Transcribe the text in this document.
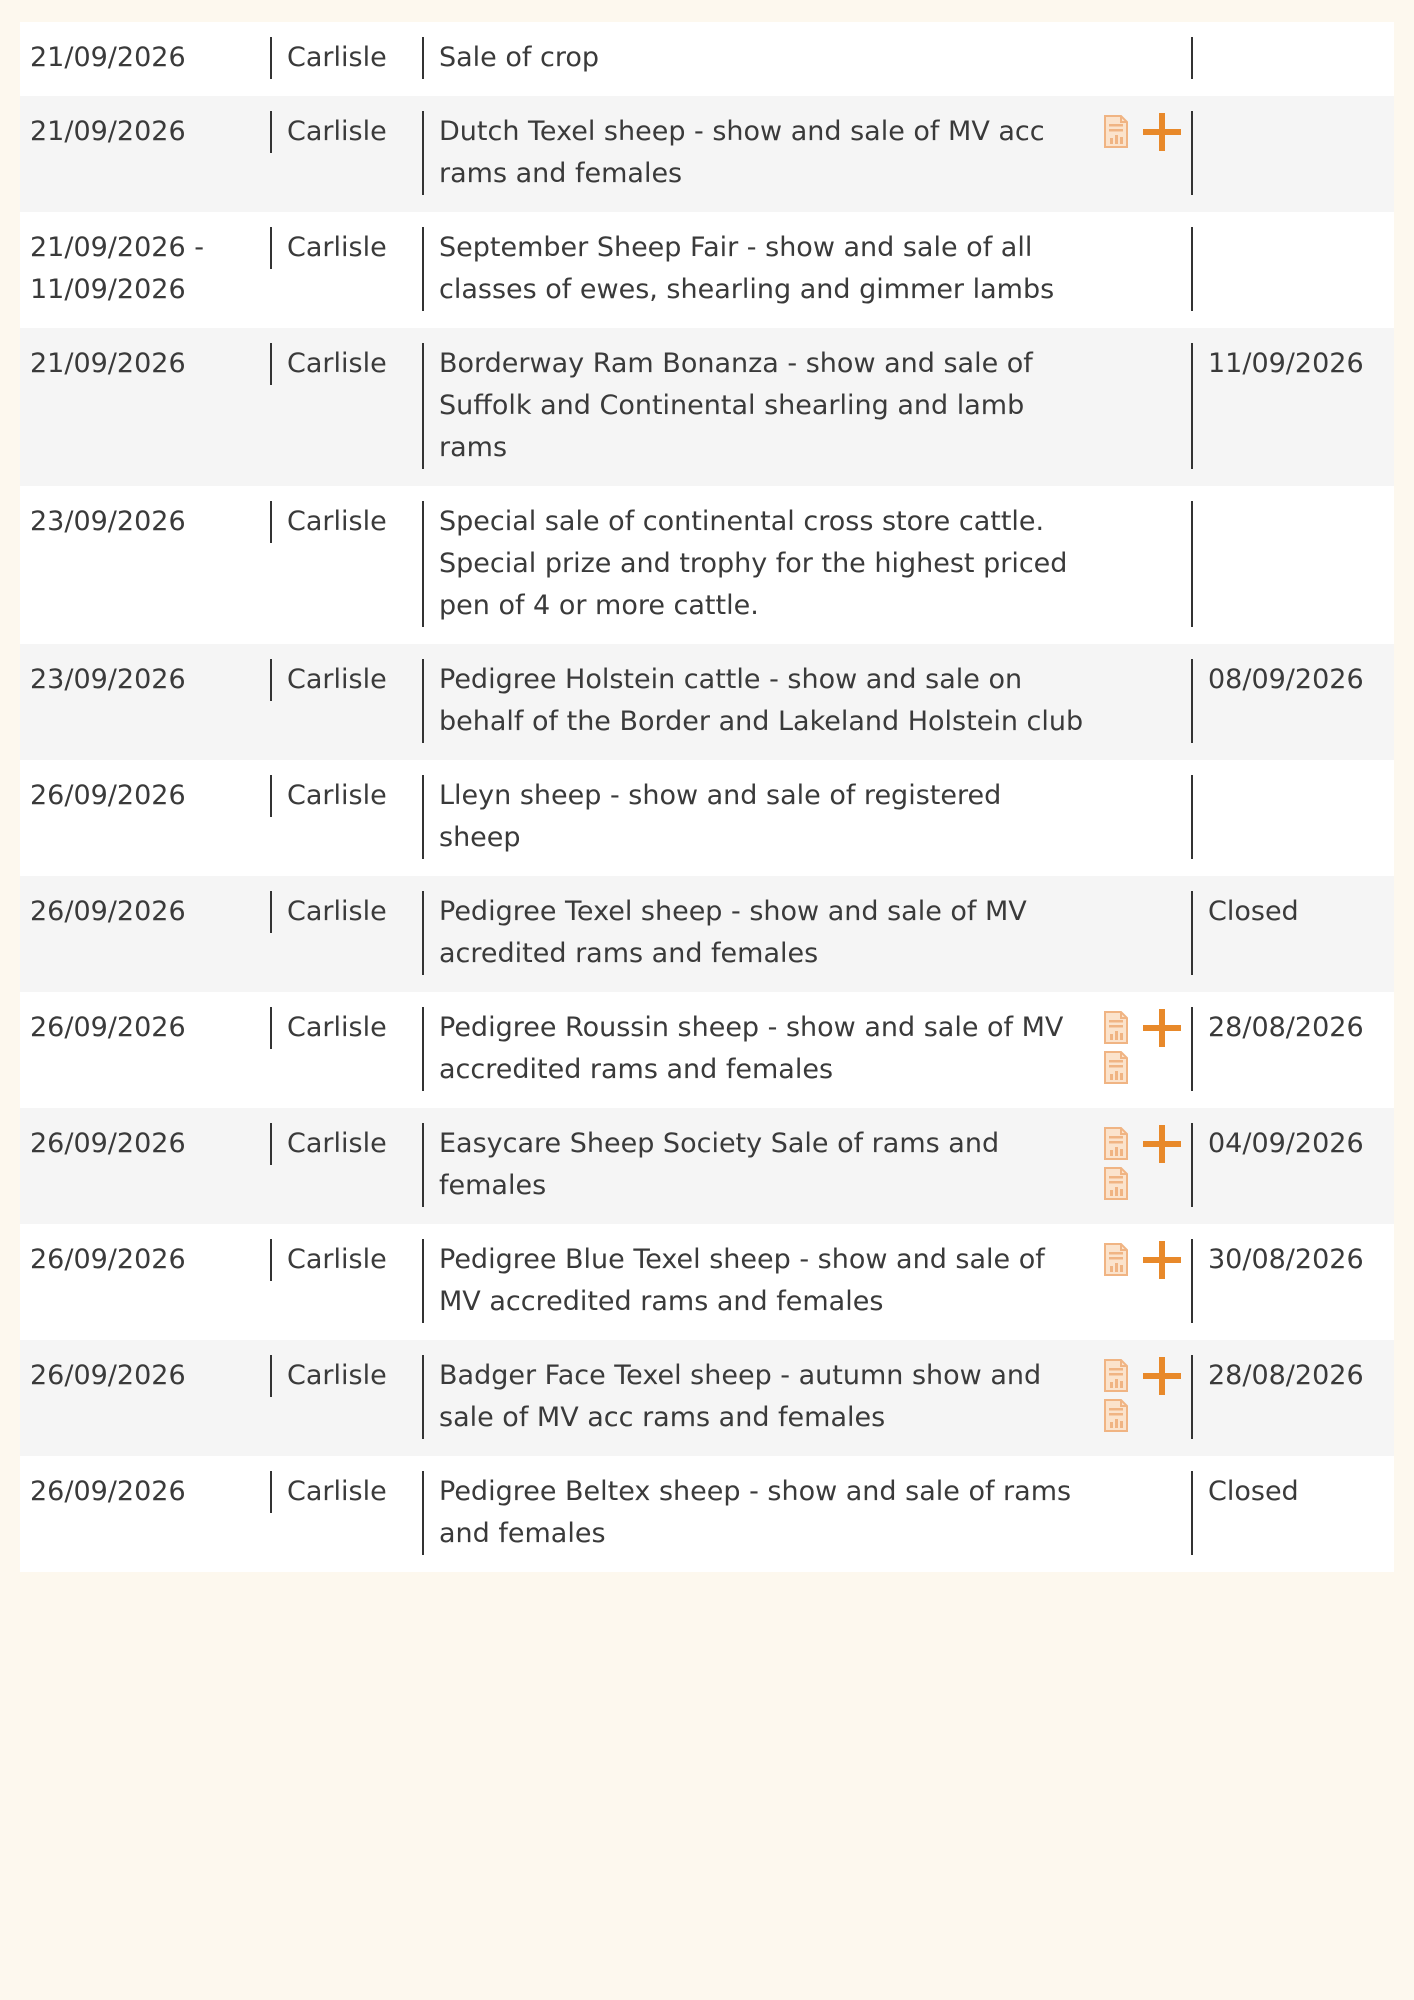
21/09/2026	Carlisle	Sale of crop	

21/09/2026	Carlisle	Dutch Texel sheep - show and sale of MV acc rams and females	

21/09/2026 - 11/09/2026	Carlisle	September Sheep Fair - show and sale of all classes of ewes, shearling and gimmer lambs	

21/09/2026	Carlisle	Borderway Ram Bonanza - show and sale of Suffolk and Continental shearling and lamb rams	11/09/2026

23/09/2026	Carlisle	Special sale of continental cross store cattle. Special prize and trophy for the highest priced pen of 4 or more cattle.	

23/09/2026	Carlisle	Pedigree Holstein cattle - show and sale on behalf of the Border and Lakeland Holstein club	08/09/2026

26/09/2026	Carlisle	Lleyn sheep - show and sale of registered sheep	

26/09/2026	Carlisle	Pedigree Texel sheep - show and sale of MV acredited rams and females	Closed

26/09/2026	Carlisle	Pedigree Roussin sheep - show and sale of MV accredited rams and females	28/08/2026

26/09/2026	Carlisle	Easycare Sheep Society Sale of rams and females	04/09/2026

26/09/2026	Carlisle	Pedigree Blue Texel sheep - show and sale of MV accredited rams and females	30/08/2026

26/09/2026	Carlisle	Badger Face Texel sheep - autumn show and sale of MV acc rams and females	28/08/2026

26/09/2026	Carlisle	Pedigree Beltex sheep - show and sale of rams and females	Closed
